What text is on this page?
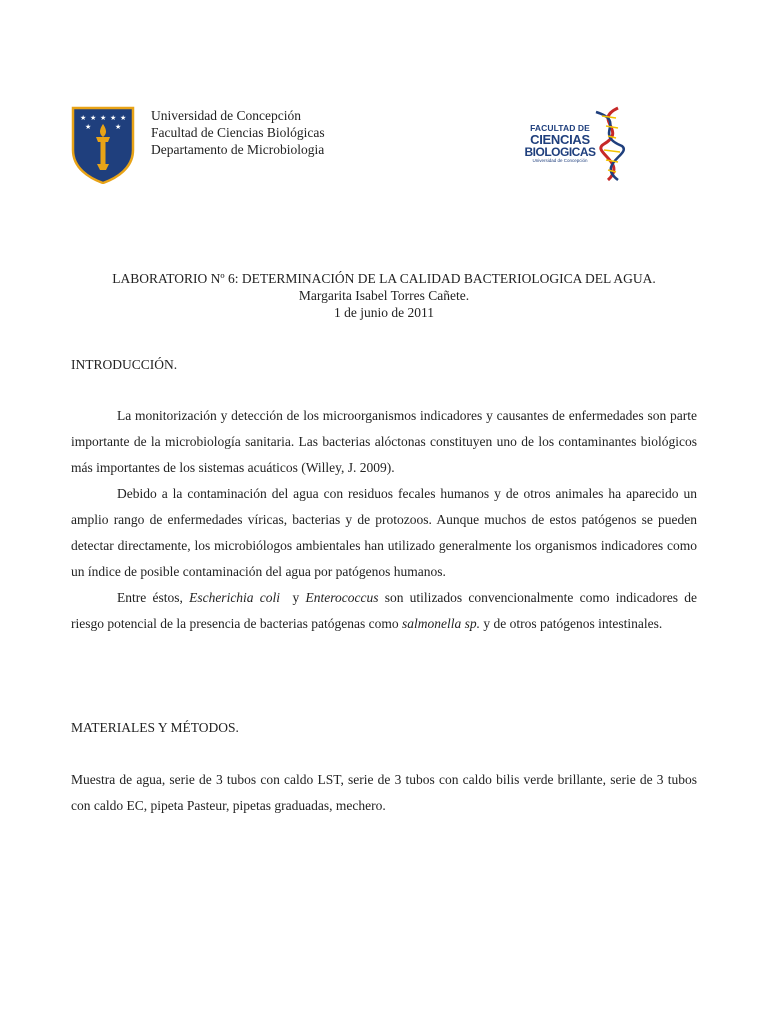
★ ★ ★ ★ ★
★	★
Universidad de Concepción
Facultad de Ciencias Biológicas
Departamento de Microbiologia
FACULTAD DE
CIENCIAS
BIOLOGICAS
Universidad de Concepción
LABORATORIO Nº 6: DETERMINACIÓN DE LA CALIDAD BACTERIOLOGICA DEL AGUA.
Margarita Isabel Torres Cañete.
1 de junio de 2011
INTRODUCCIÓN.

La monitorización y detección de los microorganismos indicadores y causantes de enfermedades son parte importante de la microbiología sanitaria. Las bacterias alóctonas constituyen uno de los contaminantes biológicos más importantes de los sistemas acuáticos (Willey, J. 2009).

Debido a la contaminación del agua con residuos fecales humanos y de otros animales ha aparecido un amplio rango de enfermedades víricas, bacterias y de protozoos. Aunque muchos de estos patógenos se pueden detectar directamente, los microbiólogos ambientales han utilizado generalmente los organismos indicadores como un índice de posible contaminación del agua por patógenos humanos.

Entre éstos, Escherichia coli y Enterococcus son utilizados convencionalmente como indicadores de riesgo potencial de la presencia de bacterias patógenas como salmonella sp. y de otros patógenos intestinales.

MATERIALES Y MÉTODOS.

Muestra de agua, serie de 3 tubos con caldo LST, serie de 3 tubos con caldo bilis verde brillante, serie de 3 tubos con caldo EC, pipeta Pasteur, pipetas graduadas, mechero.
